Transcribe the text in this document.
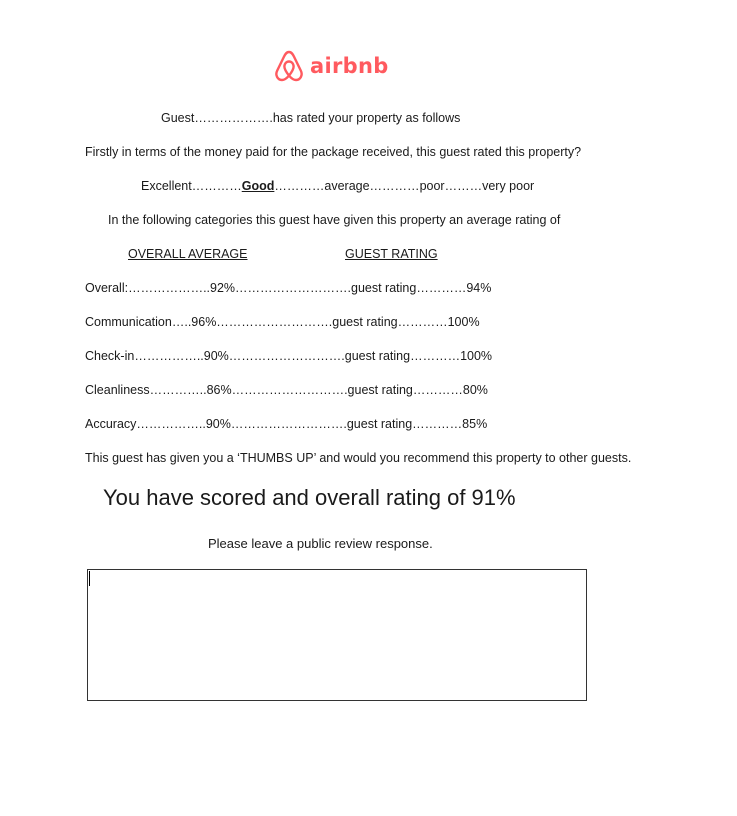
airbnb
Guest……………….has rated your property as follows
Firstly in terms of the money paid for the package received, this guest rated this property?
Excellent…………Good…………average…………poor………very poor
In the following categories this guest have given this property an average rating of
OVERALL AVERAGE	GUEST RATING
Overall:………………..92%……………………….guest rating…………94%
Communication…..96%……………………….guest rating…………100%
Check-in……………..90%……………………….guest rating…………100%
Cleanliness…………..86%……………………….guest rating…………80%
Accuracy……………..90%……………………….guest rating…………85%
This guest has given you a ‘THUMBS UP’ and would you recommend this property to other guests.
You have scored and overall rating of 91%
Please leave a public review response.
